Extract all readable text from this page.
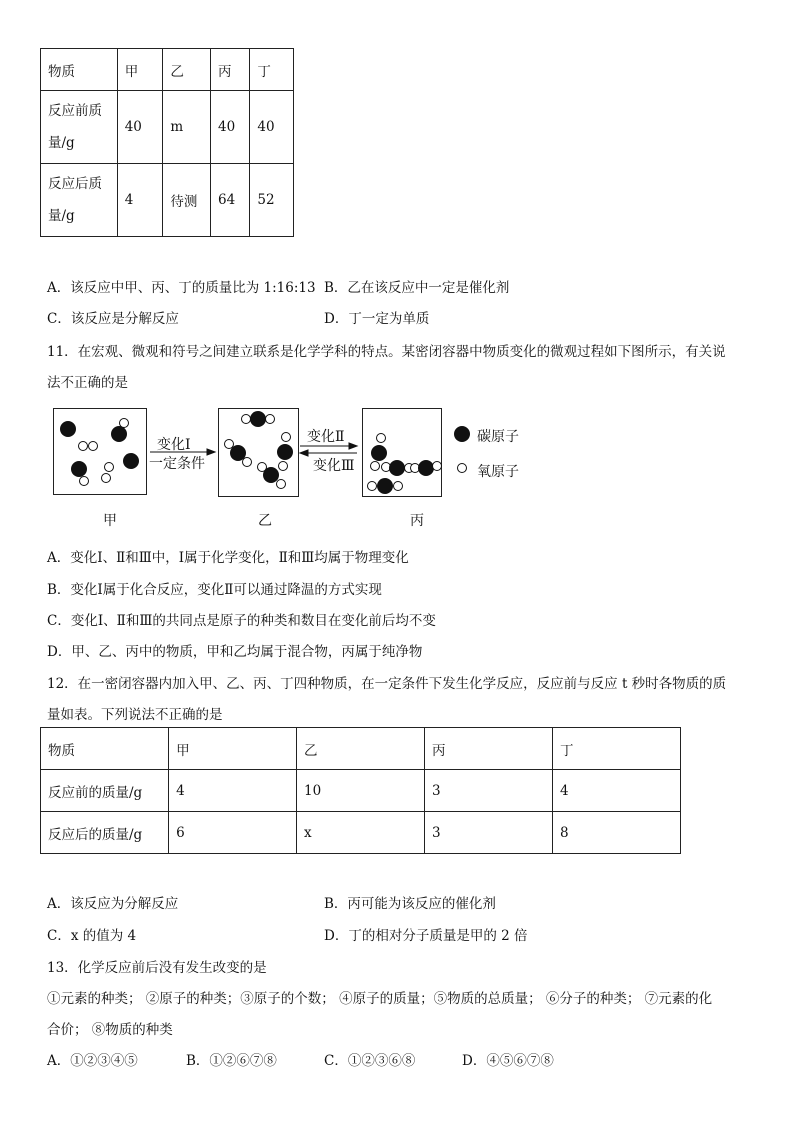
物质	甲	乙	丙	丁
反应前质
量/g	40	m	40	40
反应后质
量/g	4	待测	64	52
A．该反应中甲、丙、丁的质量比为 1:16:13 B．乙在该反应中一定是催化剂
C．该反应是分解反应	D．丁一定为单质
11．在宏观、微观和符号之间建立联系是化学学科的特点。某密闭容器中物质变化的微观过程如下图所示，有关说
法不正确的是
变化Ⅰ
一定条件
变化Ⅱ
变化Ⅲ
碳原子
氧原子
甲	乙	丙
A．变化Ⅰ、Ⅱ和Ⅲ中，Ⅰ属于化学变化，Ⅱ和Ⅲ均属于物理变化
B．变化Ⅰ属于化合反应，变化Ⅱ可以通过降温的方式实现
C．变化Ⅰ、Ⅱ和Ⅲ的共同点是原子的种类和数目在变化前后均不变
D．甲、乙、丙中的物质，甲和乙均属于混合物，丙属于纯净物
12．在一密闭容器内加入甲、乙、丙、丁四种物质，在一定条件下发生化学反应，反应前与反应 t 秒时各物质的质
量如表。下列说法不正确的是
物质	甲	乙	丙	丁
反应前的质量/g	4	10	3	4
反应后的质量/g	6	x	3	8
A．该反应为分解反应	B．丙可能为该反应的催化剂
C．x 的值为 4	D．丁的相对分子质量是甲的 2 倍
13．化学反应前后没有发生改变的是
①元素的种类； ②原子的种类；③原子的个数； ④原子的质量；⑤物质的总质量； ⑥分子的种类； ⑦元素的化
合价； ⑧物质的种类
A．①②③④⑤	B．①②⑥⑦⑧	C．①②③⑥⑧	D．④⑤⑥⑦⑧
